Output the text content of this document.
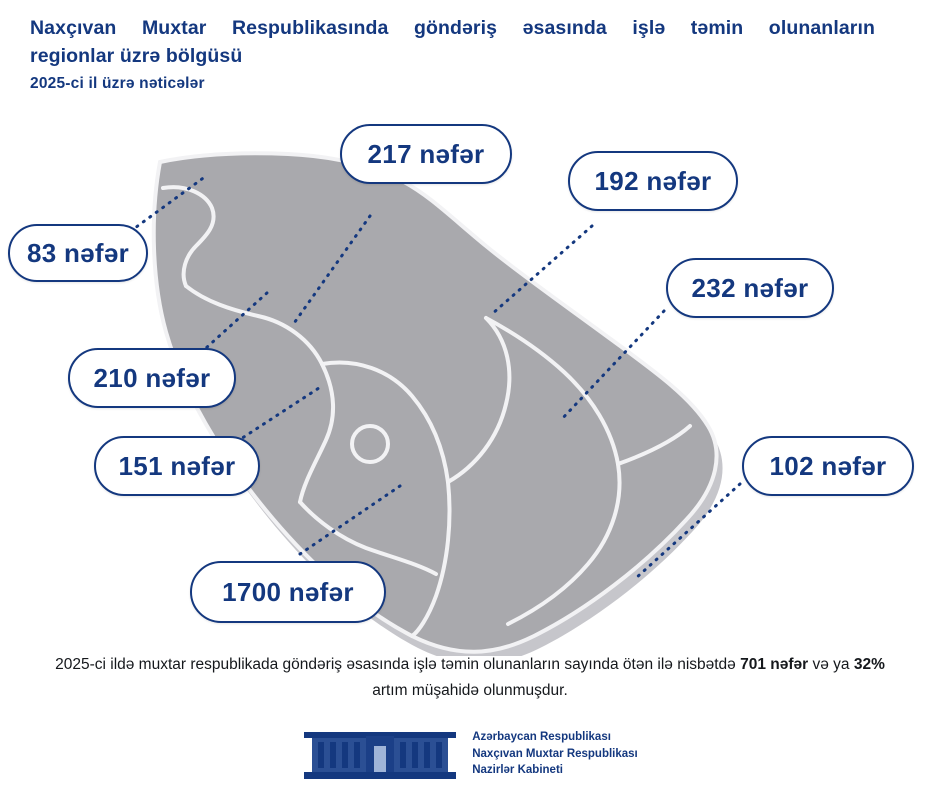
Naxçıvan Muxtar Respublikasında göndəriş əsasında işlə təmin olunanların
regionlar üzrə bölgüsü
2025-ci il üzrə nəticələr
83 nəfər
217 nəfər
192 nəfər
232 nəfər
210 nəfər
151 nəfər	102 nəfər
1700 nəfər
2025-ci ildə muxtar respublikada göndəriş əsasında işlə təmin olunanların sayında ötən ilə nisbətdə 701 nəfər və ya 32% artım müşahidə olunmuşdur.
Azərbaycan Respublikası
Naxçıvan Muxtar Respublikası
Nazirlər Kabineti
